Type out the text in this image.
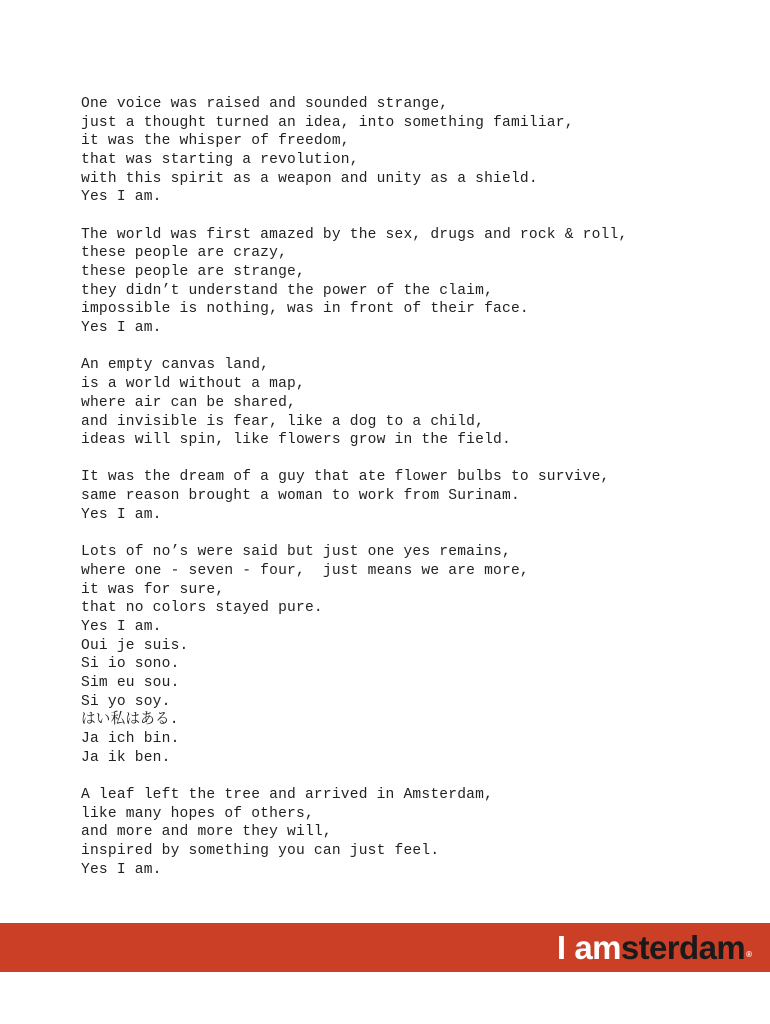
One voice was raised and sounded strange,
just a thought turned an idea, into something familiar,
it was the whisper of freedom,
that was starting a revolution,
with this spirit as a weapon and unity as a shield.
Yes I am.
The world was first amazed by the sex, drugs and rock & roll,
these people are crazy,
these people are strange,
they didn’t understand the power of the claim,
impossible is nothing, was in front of their face.
Yes I am.
An empty canvas land,
is a world without a map,
where air can be shared,
and invisible is fear, like a dog to a child,
ideas will spin, like flowers grow in the field.
It was the dream of a guy that ate flower bulbs to survive,
same reason brought a woman to work from Surinam.
Yes I am.
Lots of no’s were said but just one yes remains,
where one - seven - four,  just means we are more,
it was for sure,
that no colors stayed pure.
Yes I am.
Oui je suis.
Si io sono.
Sim eu sou.
Si yo soy.
はい私はある.
Ja ich bin.
Ja ik ben.
A leaf left the tree and arrived in Amsterdam,
like many hopes of others,
and more and more they will,
inspired by something you can just feel.
Yes I am.
I am sterdam ®
